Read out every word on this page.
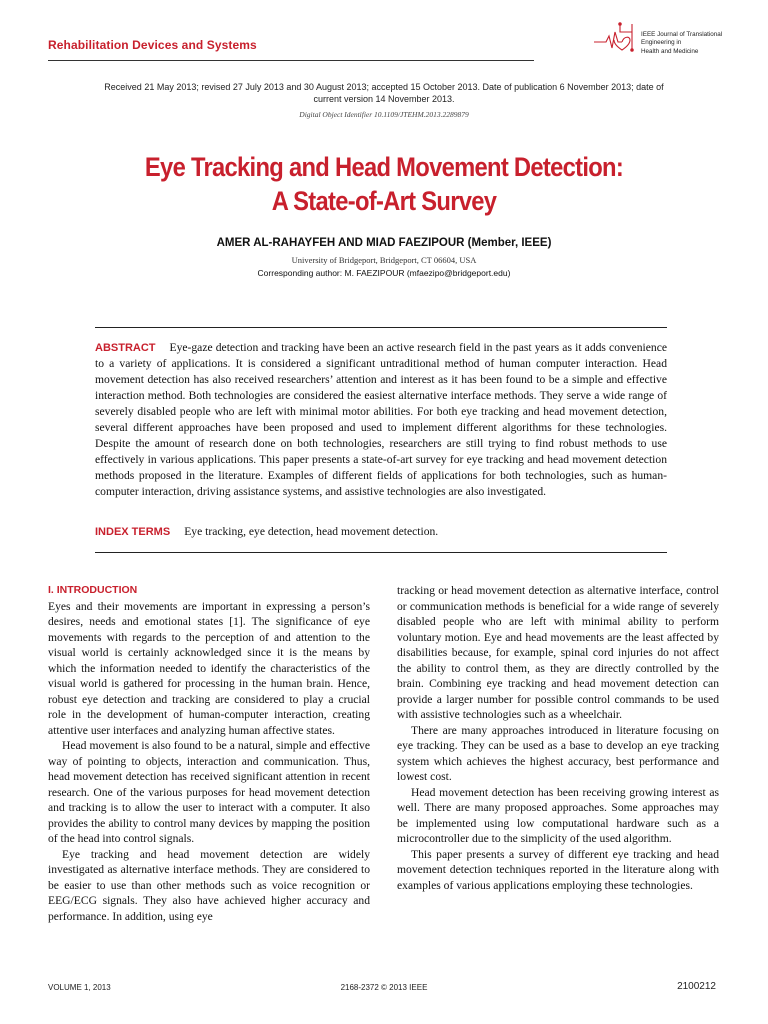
Rehabilitation Devices and Systems
IEEE Journal of Translational
Engineering in
Health and Medicine
Received 21 May 2013; revised 27 July 2013 and 30 August 2013; accepted 15 October 2013. Date of publication 6 November 2013; date of current version 14 November 2013.
Digital Object Identifier 10.1109/JTEHM.2013.2289879
Eye Tracking and Head Movement Detection:
A State-of-Art Survey
AMER AL-RAHAYFEH AND MIAD FAEZIPOUR (Member, IEEE)
University of Bridgeport, Bridgeport, CT 06604, USA
Corresponding author: M. FAEZIPOUR (mfaezipo@bridgeport.edu)
ABSTRACT Eye-gaze detection and tracking have been an active research field in the past years as it adds convenience to a variety of applications. It is considered a significant untraditional method of human computer interaction. Head movement detection has also received researchers’ attention and interest as it has been found to be a simple and effective interaction method. Both technologies are considered the easiest alternative interface methods. They serve a wide range of severely disabled people who are left with minimal motor abilities. For both eye tracking and head movement detection, several different approaches have been proposed and used to implement different algorithms for these technologies. Despite the amount of research done on both technologies, researchers are still trying to find robust methods to use effectively in various applications. This paper presents a state-of-art survey for eye tracking and head movement detection methods proposed in the literature. Examples of different fields of applications for both technologies, such as human-computer interaction, driving assistance systems, and assistive technologies are also investigated.
INDEX TERMS Eye tracking, eye detection, head movement detection.
I. INTRODUCTION

Eyes and their movements are important in expressing a person’s desires, needs and emotional states [1]. The significance of eye movements with regards to the perception of and attention to the visual world is certainly acknowledged since it is the means by which the information needed to identify the characteristics of the visual world is gathered for processing in the human brain. Hence, robust eye detection and tracking are considered to play a crucial role in the development of human-computer interaction, creating attentive user interfaces and analyzing human affective states.

Head movement is also found to be a natural, simple and effective way of pointing to objects, interaction and communication. Thus, head movement detection has received significant attention in recent research. One of the various purposes for head movement detection and tracking is to allow the user to interact with a computer. It also provides the ability to control many devices by mapping the position of the head into control signals.

Eye tracking and head movement detection are widely investigated as alternative interface methods. They are considered to be easier to use than other methods such as voice recognition or EEG/ECG signals. They also have achieved higher accuracy and performance. In addition, using eye

tracking or head movement detection as alternative interface, control or communication methods is beneficial for a wide range of severely disabled people who are left with minimal ability to perform voluntary motion. Eye and head movements are the least affected by disabilities because, for example, spinal cord injuries do not affect the ability to control them, as they are directly controlled by the brain. Combining eye tracking and head movement detection can provide a larger number for possible control commands to be used with assistive technologies such as a wheelchair.

There are many approaches introduced in literature focusing on eye tracking. They can be used as a base to develop an eye tracking system which achieves the highest accuracy, best performance and lowest cost.

Head movement detection has been receiving growing interest as well. There are many proposed approaches. Some approaches may be implemented using low computational hardware such as a microcontroller due to the simplicity of the used algorithm.

This paper presents a survey of different eye tracking and head movement detection techniques reported in the literature along with examples of various applications employing these technologies.

VOLUME 1, 2013	2168-2372 © 2013 IEEE	2100212
